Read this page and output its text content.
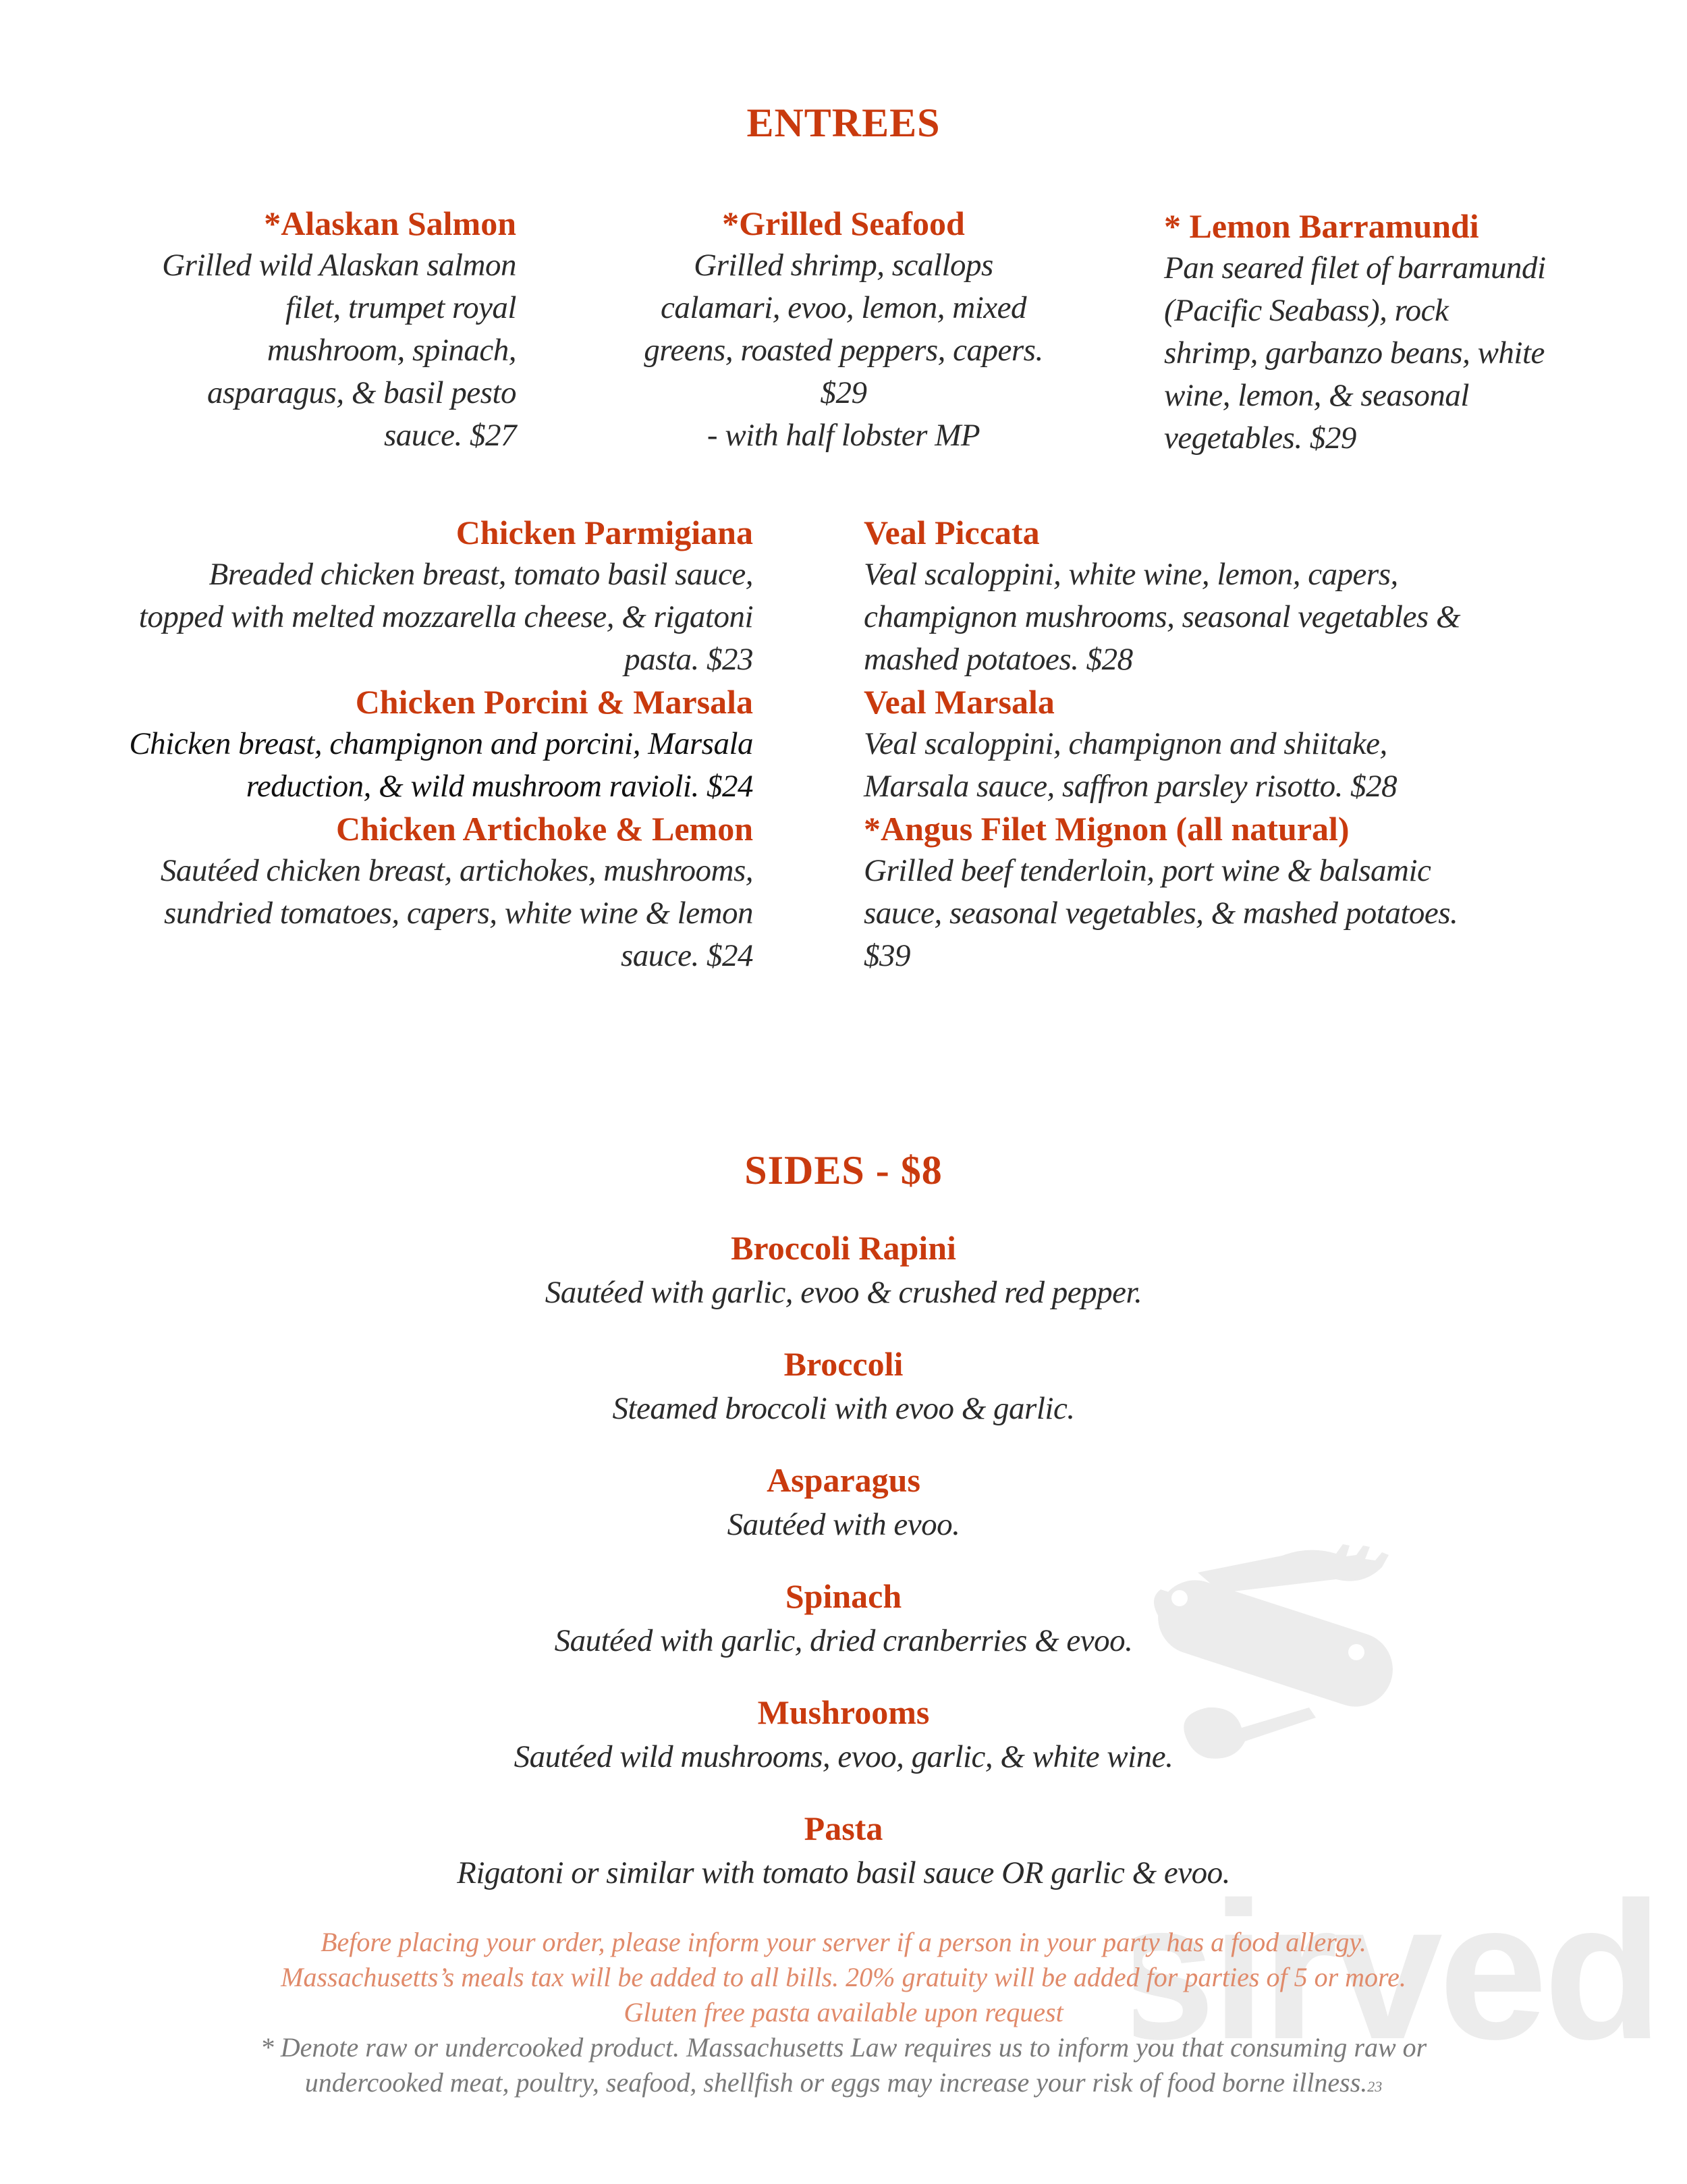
sirved
ENTREES
*Alaskan Salmon
Grilled wild Alaskan salmon
filet, trumpet royal
mushroom, spinach,
asparagus, & basil pesto
sauce. $27
*Grilled Seafood
Grilled shrimp, scallops
calamari, evoo, lemon, mixed
greens, roasted peppers, capers.
$29
- with half lobster MP
* Lemon Barramundi
Pan seared filet of barramundi
(Pacific Seabass), rock
shrimp, garbanzo beans, white
wine, lemon, & seasonal
vegetables. $29
Chicken Parmigiana
Breaded chicken breast, tomato basil sauce,
topped with melted mozzarella cheese, & rigatoni
pasta. $23
Chicken Porcini & Marsala
Chicken breast, champignon and porcini, Marsala
reduction, & wild mushroom ravioli. $24
Chicken Artichoke & Lemon
Sautéed chicken breast, artichokes, mushrooms,
sundried tomatoes, capers, white wine & lemon
sauce. $24
Veal Piccata
Veal scaloppini, white wine, lemon, capers,
champignon mushrooms, seasonal vegetables &
mashed potatoes. $28
Veal Marsala
Veal scaloppini, champignon and shiitake,
Marsala sauce, saffron parsley risotto. $28
*Angus Filet Mignon (all natural)
Grilled beef tenderloin, port wine & balsamic
sauce, seasonal vegetables, & mashed potatoes.
$39
SIDES - $8
Broccoli Rapini
Sautéed with garlic, evoo & crushed red pepper.
Broccoli
Steamed broccoli with evoo & garlic.
Asparagus
Sautéed with evoo.
Spinach
Sautéed with garlic, dried cranberries & evoo.
Mushrooms
Sautéed wild mushrooms, evoo, garlic, & white wine.
Pasta
Rigatoni or similar with tomato basil sauce OR garlic & evoo.
Before placing your order, please inform your server if a person in your party has a food allergy.
Massachusetts’s meals tax will be added to all bills. 20% gratuity will be added for parties of 5 or more.
Gluten free pasta available upon request
* Denote raw or undercooked product. Massachusetts Law requires us to inform you that consuming raw or
undercooked meat, poultry, seafood, shellfish or eggs may increase your risk of food borne illness.23
